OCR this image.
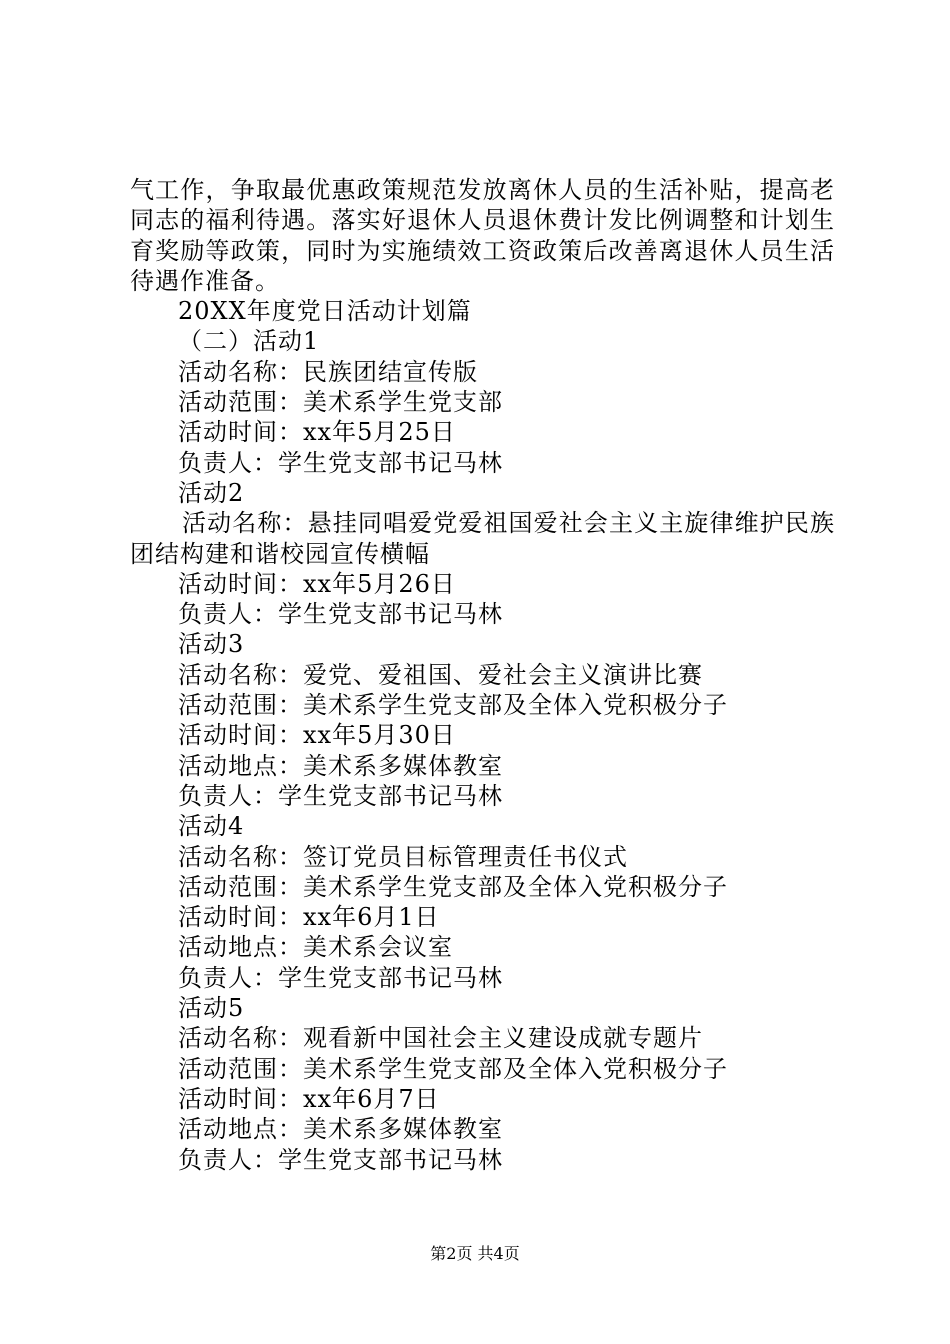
气工作，争取最优惠政策规范发放离休人员的生活补贴，提高老同志的福利待遇。落实好退休人员退休费计发比例调整和计划生育奖励等政策，同时为实施绩效工资政策后改善离退休人员生活待遇作准备。

20XX年度党日活动计划篇

（二）活动1

活动名称：民族团结宣传版

活动范围：美术系学生党支部

活动时间：xx年5月25日

负责人：学生党支部书记马林

活动2

活动名称：悬挂同唱爱党爱祖国爱社会主义主旋律维护民族团结构建和谐校园宣传横幅

活动时间：xx年5月26日

负责人：学生党支部书记马林

活动3

活动名称：爱党、爱祖国、爱社会主义演讲比赛

活动范围：美术系学生党支部及全体入党积极分子

活动时间：xx年5月30日

活动地点：美术系多媒体教室

负责人：学生党支部书记马林

活动4

活动名称：签订党员目标管理责任书仪式

活动范围：美术系学生党支部及全体入党积极分子

活动时间：xx年6月1日

活动地点：美术系会议室

负责人：学生党支部书记马林

活动5

活动名称：观看新中国社会主义建设成就专题片

活动范围：美术系学生党支部及全体入党积极分子

活动时间：xx年6月7日

活动地点：美术系多媒体教室

负责人：学生党支部书记马林

第2页 共4页
